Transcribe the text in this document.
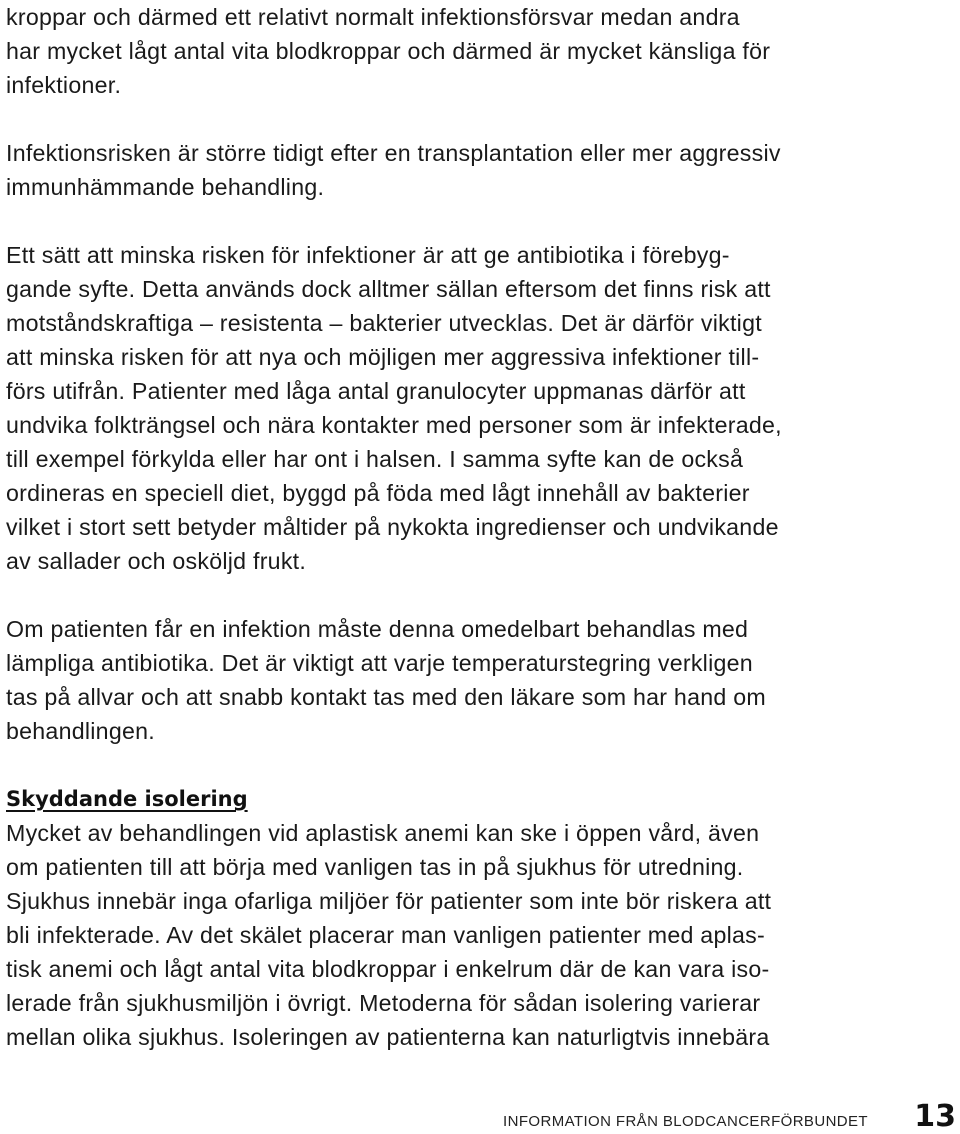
kroppar och därmed ett relativt normalt infektionsförsvar medan andra
har mycket lågt antal vita blodkroppar och därmed är mycket känsliga för
infektioner.
Infektionsrisken är större tidigt efter en transplantation eller mer aggressiv
immunhämmande behandling.
Ett sätt att minska risken för infektioner är att ge antibiotika i förebyg-
gande syfte. Detta används dock alltmer sällan eftersom det finns risk att
motståndskraftiga – resistenta – bakterier utvecklas. Det är därför viktigt
att minska risken för att nya och möjligen mer aggressiva infektioner till-
förs utifrån. Patienter med låga antal granulocyter uppmanas därför att
undvika folkträngsel och nära kontakter med personer som är infekterade,
till exempel förkylda eller har ont i halsen. I samma syfte kan de också
ordineras en speciell diet, byggd på föda med lågt innehåll av bakterier
vilket i stort sett betyder måltider på nykokta ingredienser och undvikande
av sallader och osköljd frukt.
Om patienten får en infektion måste denna omedelbart behandlas med
lämpliga antibiotika. Det är viktigt att varje temperaturstegring verkligen
tas på allvar och att snabb kontakt tas med den läkare som har hand om
behandlingen.
Skyddande isolering
Mycket av behandlingen vid aplastisk anemi kan ske i öppen vård, även
om patienten till att börja med vanligen tas in på sjukhus för utredning.
Sjukhus innebär inga ofarliga miljöer för patienter som inte bör riskera att
bli infekterade. Av det skälet placerar man vanligen patienter med aplas-
tisk anemi och lågt antal vita blodkroppar i enkelrum där de kan vara iso-
lerade från sjukhusmiljön i övrigt. Metoderna för sådan isolering varierar
mellan olika sjukhus. Isoleringen av patienterna kan naturligtvis innebära
INFORMATION FRÅN BLODCANCERFÖRBUNDET 13
